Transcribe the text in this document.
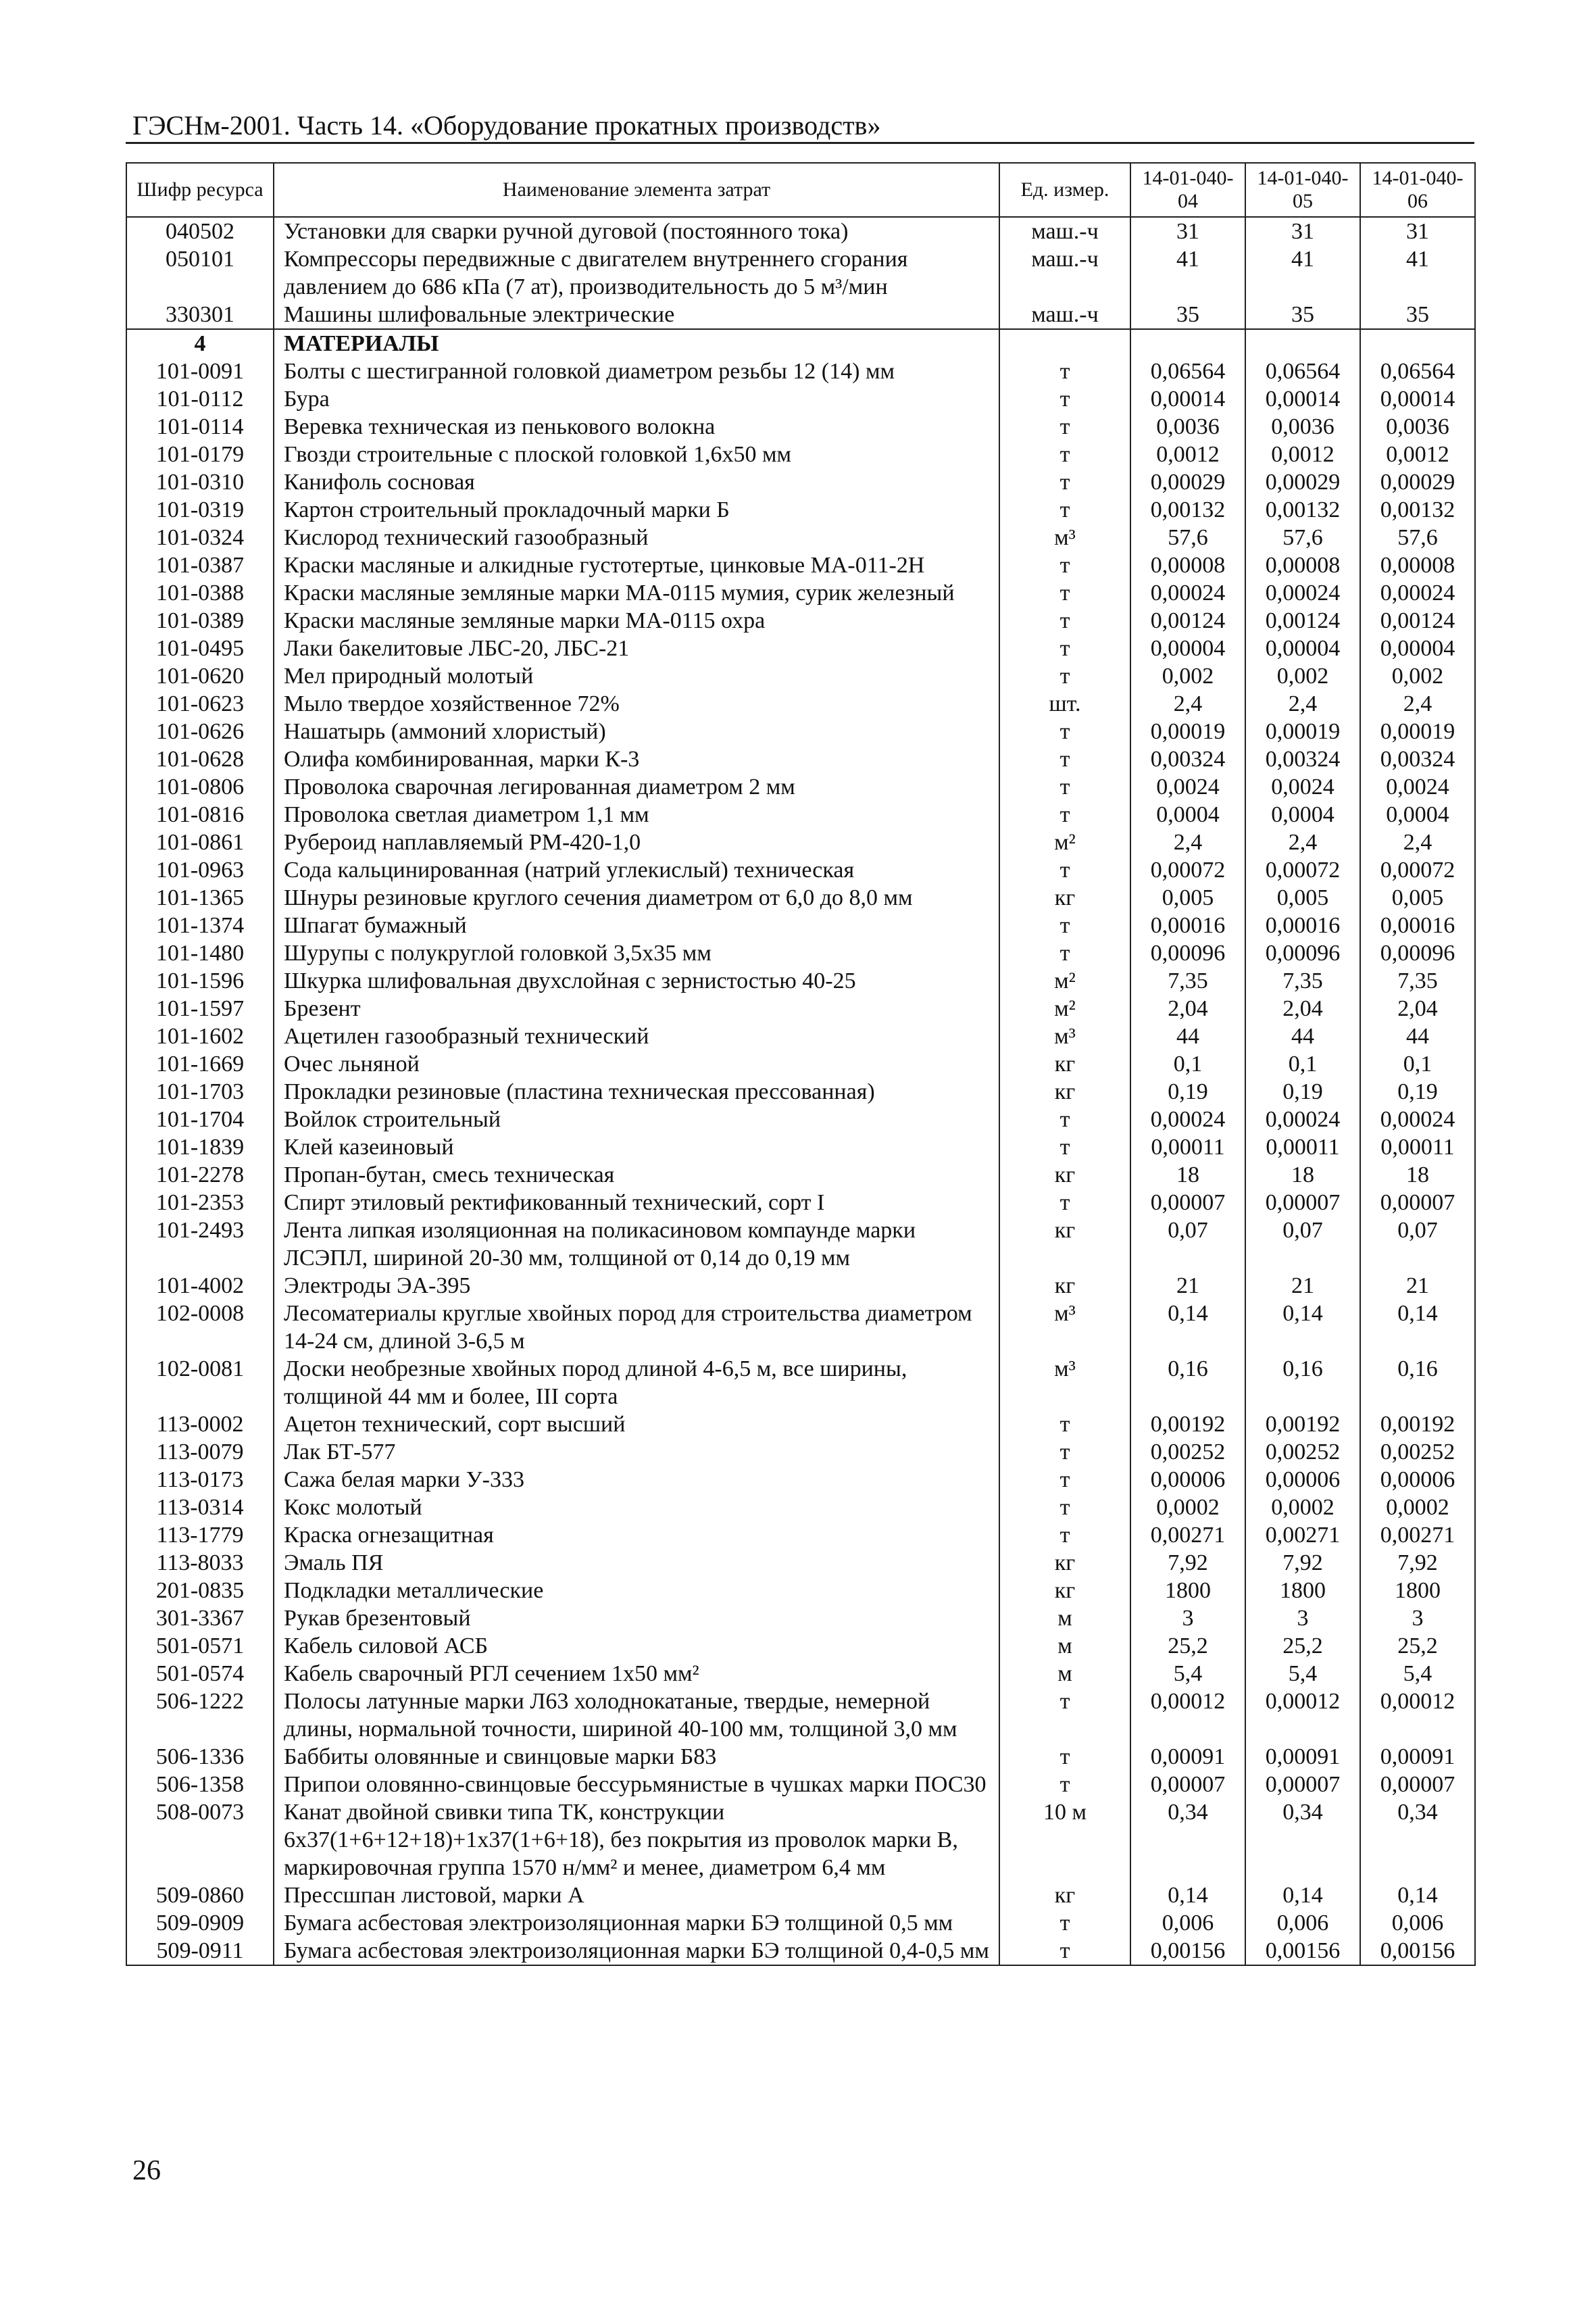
ГЭСНм-2001. Часть 14. «Оборудование прокатных производств»
Шифр ресурса	Наименование элемента затрат	Ед. измер.	14-01-040-04	14-01-040-05	14-01-040-06
040502	Установки для сварки ручной дуговой (постоянного тока)	маш.-ч	31	31	31
050101	Компрессоры передвижные с двигателем внутреннего сгорания давлением до 686 кПа (7 ат), производительность до 5 м³/мин	маш.-ч	41	41	41
330301	Машины шлифовальные электрические	маш.-ч	35	35	35
4	МАТЕРИАЛЫ				
101-0091	Болты с шестигранной головкой диаметром резьбы 12 (14) мм	т	0,06564	0,06564	0,06564
101-0112	Бура	т	0,00014	0,00014	0,00014
101-0114	Веревка техническая из пенькового волокна	т	0,0036	0,0036	0,0036
101-0179	Гвозди строительные с плоской головкой 1,6х50 мм	т	0,0012	0,0012	0,0012
101-0310	Канифоль сосновая	т	0,00029	0,00029	0,00029
101-0319	Картон строительный прокладочный марки Б	т	0,00132	0,00132	0,00132
101-0324	Кислород технический газообразный	м³	57,6	57,6	57,6
101-0387	Краски масляные и алкидные густотертые, цинковые МА-011-2Н	т	0,00008	0,00008	0,00008
101-0388	Краски масляные земляные марки МА-0115 мумия, сурик железный	т	0,00024	0,00024	0,00024
101-0389	Краски масляные земляные марки МА-0115 охра	т	0,00124	0,00124	0,00124
101-0495	Лаки бакелитовые ЛБС-20, ЛБС-21	т	0,00004	0,00004	0,00004
101-0620	Мел природный молотый	т	0,002	0,002	0,002
101-0623	Мыло твердое хозяйственное 72%	шт.	2,4	2,4	2,4
101-0626	Нашатырь (аммоний хлористый)	т	0,00019	0,00019	0,00019
101-0628	Олифа комбинированная, марки К-3	т	0,00324	0,00324	0,00324
101-0806	Проволока сварочная легированная диаметром 2 мм	т	0,0024	0,0024	0,0024
101-0816	Проволока светлая диаметром 1,1 мм	т	0,0004	0,0004	0,0004
101-0861	Рубероид наплавляемый РМ-420-1,0	м²	2,4	2,4	2,4
101-0963	Сода кальцинированная (натрий углекислый) техническая	т	0,00072	0,00072	0,00072
101-1365	Шнуры резиновые круглого сечения диаметром от 6,0 до 8,0 мм	кг	0,005	0,005	0,005
101-1374	Шпагат бумажный	т	0,00016	0,00016	0,00016
101-1480	Шурупы с полукруглой головкой 3,5х35 мм	т	0,00096	0,00096	0,00096
101-1596	Шкурка шлифовальная двухслойная с зернистостью 40-25	м²	7,35	7,35	7,35
101-1597	Брезент	м²	2,04	2,04	2,04
101-1602	Ацетилен газообразный технический	м³	44	44	44
101-1669	Очес льняной	кг	0,1	0,1	0,1
101-1703	Прокладки резиновые (пластина техническая прессованная)	кг	0,19	0,19	0,19
101-1704	Войлок строительный	т	0,00024	0,00024	0,00024
101-1839	Клей казеиновый	т	0,00011	0,00011	0,00011
101-2278	Пропан-бутан, смесь техническая	кг	18	18	18
101-2353	Спирт этиловый ректификованный технический, сорт I	т	0,00007	0,00007	0,00007
101-2493	Лента липкая изоляционная на поликасиновом компаунде марки ЛСЭПЛ, шириной 20-30 мм, толщиной от 0,14 до 0,19 мм	кг	0,07	0,07	0,07
101-4002	Электроды ЭА-395	кг	21	21	21
102-0008	Лесоматериалы круглые хвойных пород для строительства диаметром 14-24 см, длиной 3-6,5 м	м³	0,14	0,14	0,14
102-0081	Доски необрезные хвойных пород длиной 4-6,5 м, все ширины, толщиной 44 мм и более, III сорта	м³	0,16	0,16	0,16
113-0002	Ацетон технический, сорт высший	т	0,00192	0,00192	0,00192
113-0079	Лак БТ-577	т	0,00252	0,00252	0,00252
113-0173	Сажа белая марки У-333	т	0,00006	0,00006	0,00006
113-0314	Кокс молотый	т	0,0002	0,0002	0,0002
113-1779	Краска огнезащитная	т	0,00271	0,00271	0,00271
113-8033	Эмаль ПЯ	кг	7,92	7,92	7,92
201-0835	Подкладки металлические	кг	1800	1800	1800
301-3367	Рукав брезентовый	м	3	3	3
501-0571	Кабель силовой АСБ	м	25,2	25,2	25,2
501-0574	Кабель сварочный РГЛ сечением 1х50 мм²	м	5,4	5,4	5,4
506-1222	Полосы латунные марки Л63 холоднокатаные, твердые, немерной длины, нормальной точности, шириной 40-100 мм, толщиной 3,0 мм	т	0,00012	0,00012	0,00012
506-1336	Баббиты оловянные и свинцовые марки Б83	т	0,00091	0,00091	0,00091
506-1358	Припои оловянно-свинцовые бессурьмянистые в чушках марки ПОС30	т	0,00007	0,00007	0,00007
508-0073	Канат двойной свивки типа ТК, конструкции 6х37(1+6+12+18)+1х37(1+6+18), без покрытия из проволок марки В, маркировочная группа 1570 н/мм² и менее, диаметром 6,4 мм	10 м	0,34	0,34	0,34
509-0860	Прессшпан листовой, марки А	кг	0,14	0,14	0,14
509-0909	Бумага асбестовая электроизоляционная марки БЭ толщиной 0,5 мм	т	0,006	0,006	0,006
509-0911	Бумага асбестовая электроизоляционная марки БЭ толщиной 0,4-0,5 мм	т	0,00156	0,00156	0,00156
26
